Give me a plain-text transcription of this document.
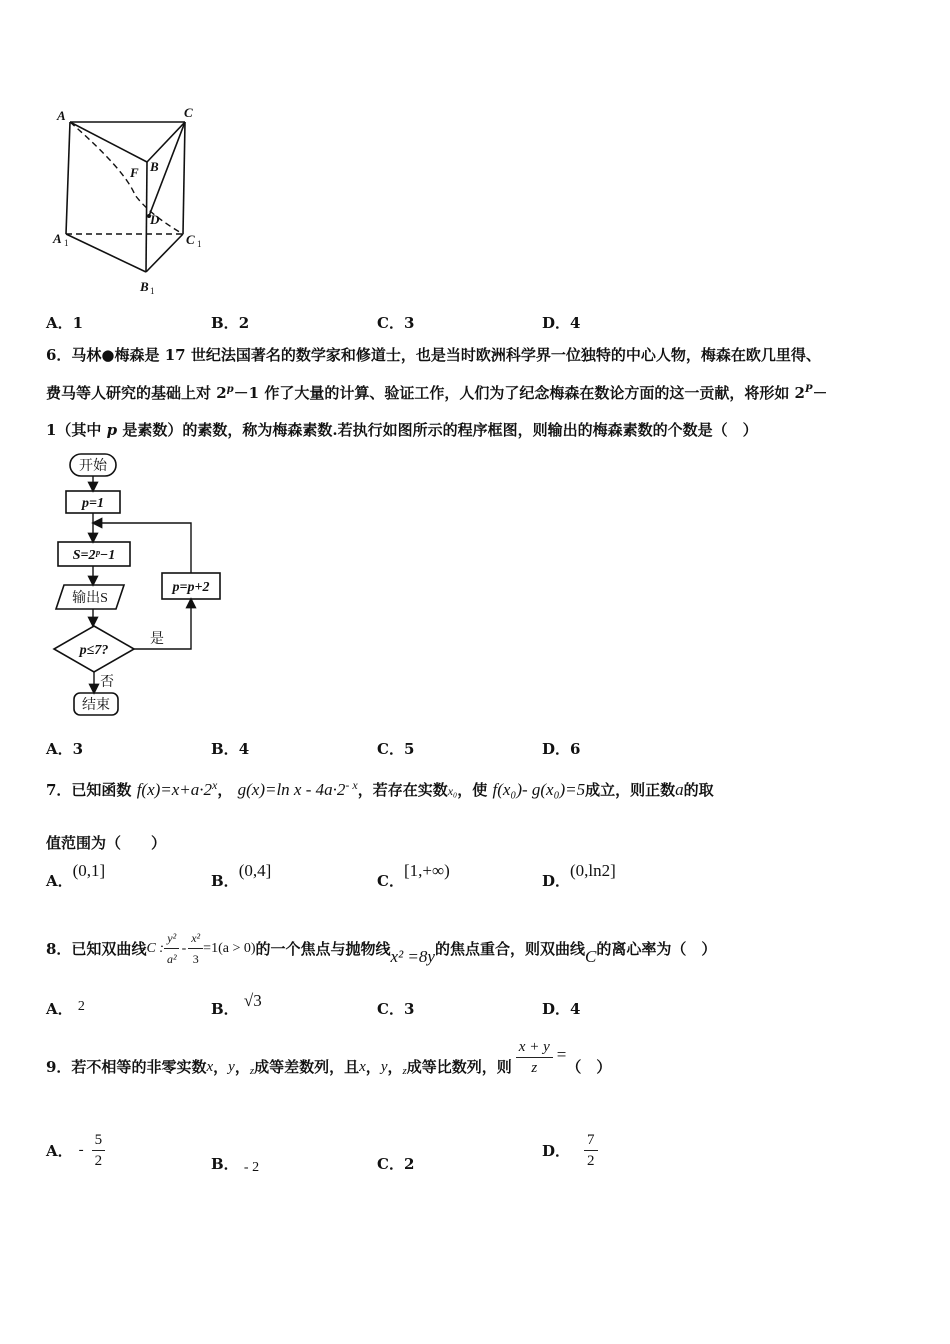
A	C
B
F
D
A	C
B
1	1
1
A．1	B．2	C．3	D．4
6．马林●梅森是 17 世纪法国著名的数学家和修道士，也是当时欧洲科学界一位独特的中心人物，梅森在欧几里得、
费马等人研究的基础上对 $2^p-1$ 作了大量的计算、验证工作，人们为了纪念梅森在数论方面的这一贡献，将形如 $2^P-$
1（其中 p 是素数）的素数，称为梅森素数.若执行如图所示的程序框图，则输出的梅森素数的个数是（　）
开始
p=1
S=2ᵖ−1
输出S
p≤7?
p=p+2
结束
是
否
A．3	B．4	C．5	D．6
7．已知函数 $f(x)=x+a\cdot 2^x$， g(x)=ln $x - 4a\cdot 2^{- x}$，若存在实数x₀，使 f(x₀)- g(x₀)=5成立，则正数a的取
值范围为（　　）
A．(0,1]
B．(0,4]
C．[1,+∞)
D．(0,ln2]
8．已知双曲线 C : $\frac{\text{y²}}{\text{a²}} - \frac{\text{x²}}{3} =1(a > 0)$ 的一个焦点与抛物线 x² =8y 的焦点重合，则双曲线 C 的离心率为（　）
A． 2	B． √3	C．3	D．4
9．若不相等的非零实数 x ， y ， z 成等差数列，且 x ， y ， z 成等比数列，则 $\frac{x + y}{z}$ =
（　）
A． - $\frac{5}{2}$	B． - 2	C．2
D． $\frac{7}{2}$
